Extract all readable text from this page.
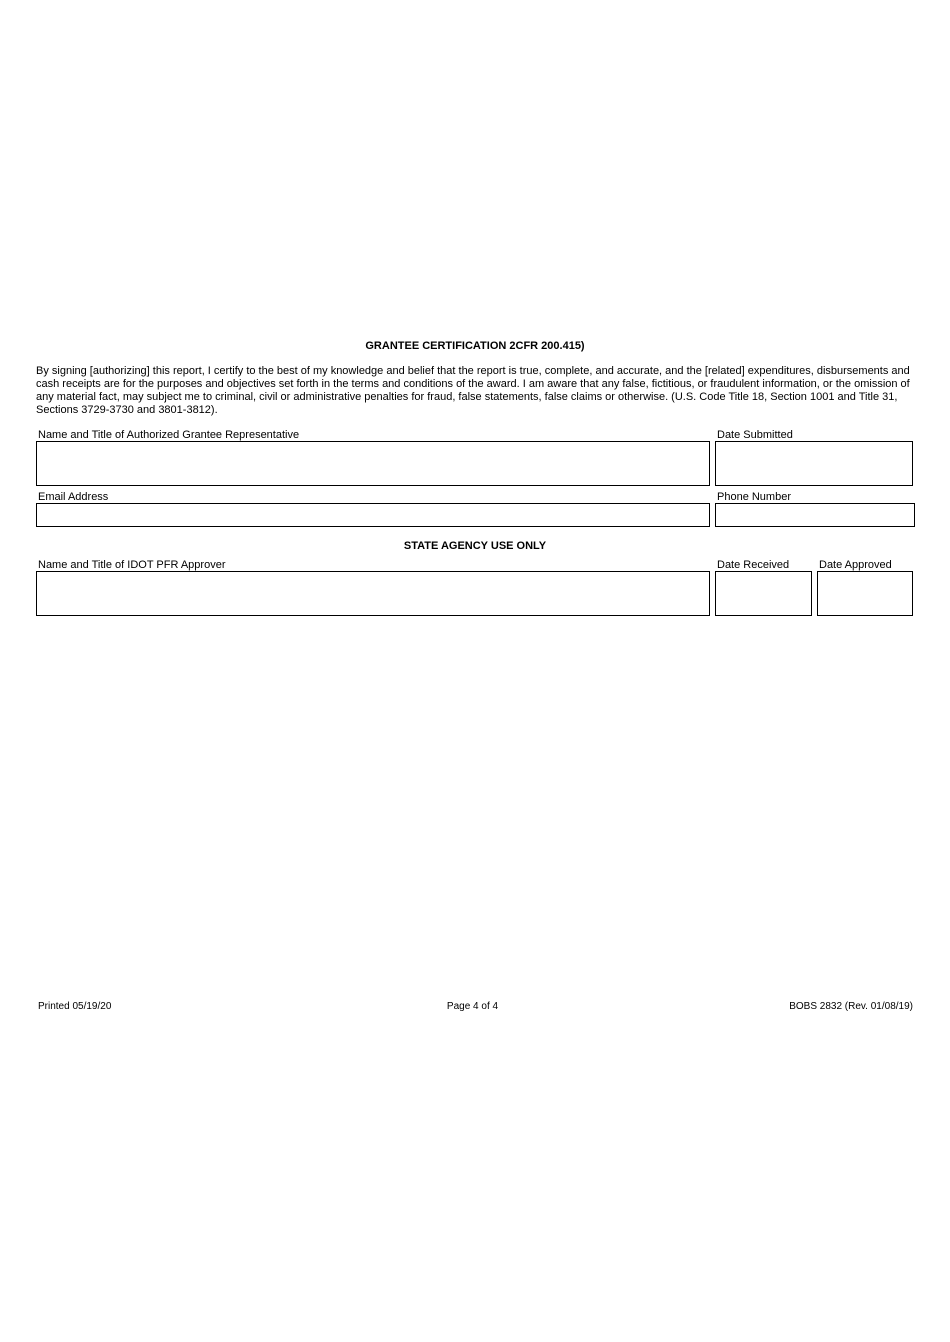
GRANTEE CERTIFICATION 2CFR 200.415)
By signing [authorizing] this report, I certify to the best of my knowledge and belief that the report is true, complete, and accurate, and the [related] expenditures, disbursements and cash receipts are for the purposes and objectives set forth in the terms and conditions of the award. I am aware that any false, fictitious, or fraudulent information, or the omission of any material fact, may subject me to criminal, civil or administrative penalties for fraud, false statements, false claims or otherwise. (U.S. Code Title 18, Section 1001 and Title 31, Sections 3729-3730 and 3801-3812).
Name and Title of Authorized Grantee Representative	Date Submitted
Email Address	Phone Number
STATE AGENCY USE ONLY
Name and Title of IDOT PFR Approver	Date Received	Date Approved
Printed 05/19/20	Page 4 of 4	BOBS 2832 (Rev. 01/08/19)
